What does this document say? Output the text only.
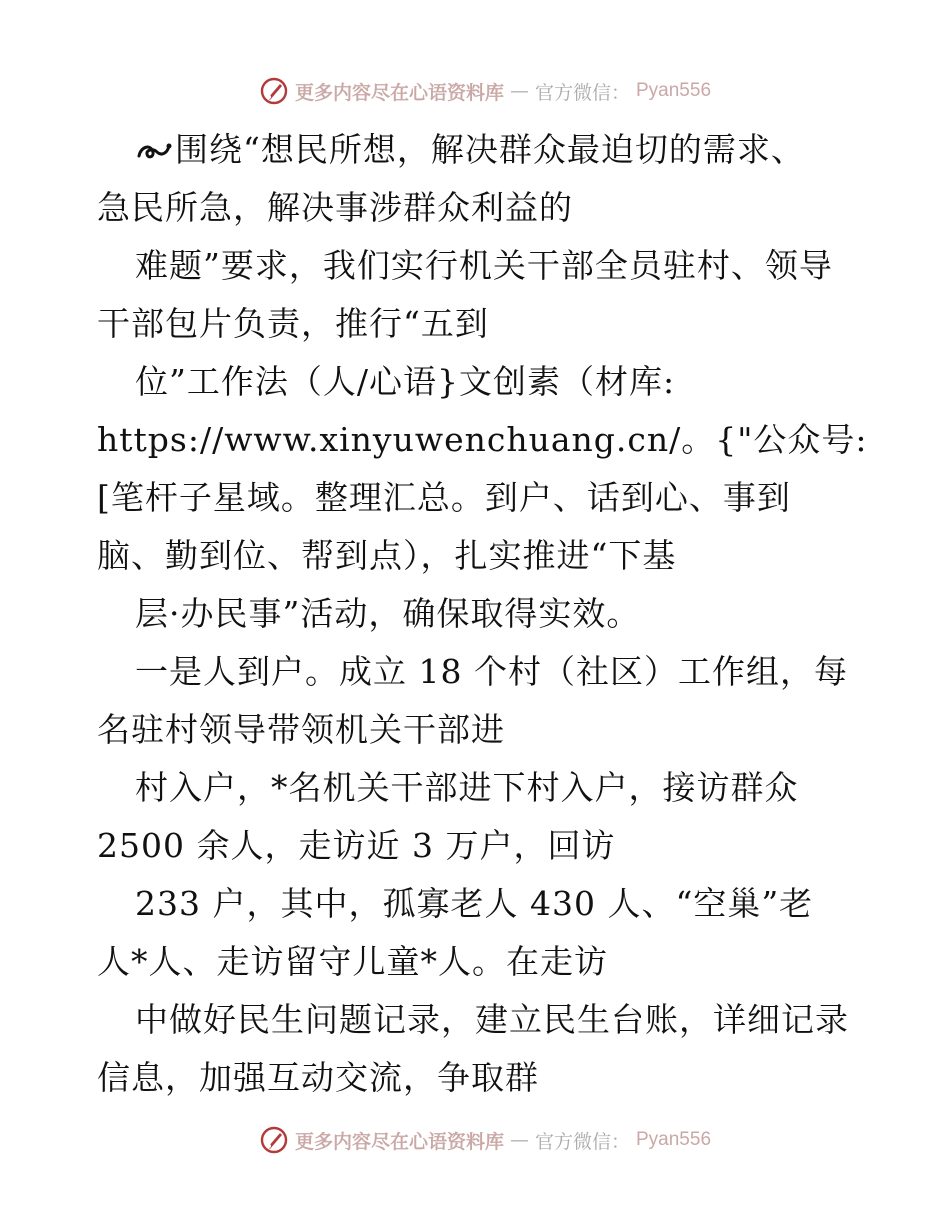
更多内容尽在心语资料库 — 官方微信： Pyan556
围绕“想民所想，解决群众最迫切的需求、
急民所急，解决事涉群众利益的
难题”要求，我们实行机关干部全员驻村、领导
干部包片负责，推行“五到
位”工作法（人/心语}文创素（材库:
https://www.xinyuwenchuang.cn/。{"公众号:
[笔杆子星域。整理汇总。到户、话到心、事到
脑、勤到位、帮到点），扎实推进“下基
层·办民事”活动，确保取得实效。
一是人到户。成立 18 个村（社区）工作组，每
名驻村领导带领机关干部进
村入户，*名机关干部进下村入户，接访群众
2500 余人，走访近 3 万户，回访
233 户，其中，孤寡老人 430 人、“空巢”老
人*人、走访留守儿童*人。在走访
中做好民生问题记录，建立民生台账，详细记录
信息，加强互动交流，争取群
更多内容尽在心语资料库 — 官方微信： Pyan556
